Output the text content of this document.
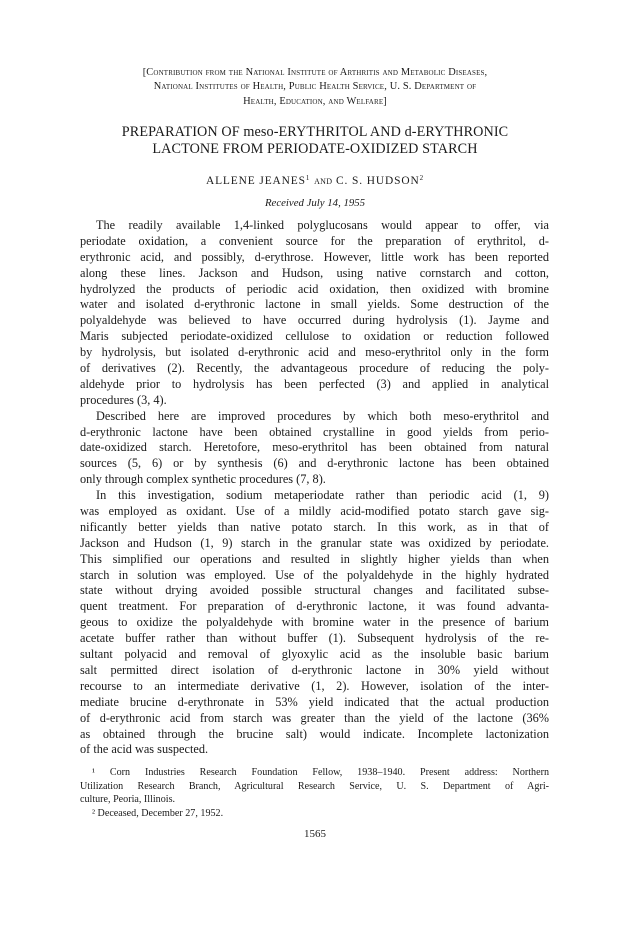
[Contribution from the National Institute of Arthritis and Metabolic Diseases,
National Institutes of Health, Public Health Service, U. S. Department of
Health, Education, and Welfare]
PREPARATION OF meso-ERYTHRITOL AND d-ERYTHRONIC
LACTONE FROM PERIODATE-OXIDIZED STARCH
ALLENE JEANES$^1$ and C. S. HUDSON$^2$
Received July 14, 1955
The readily available 1,4-linked polyglucosans would appear to offer, via
periodate oxidation, a convenient source for the preparation of erythritol, d-
erythronic acid, and possibly, d-erythrose. However, little work has been reported
along these lines. Jackson and Hudson, using native cornstarch and cotton,
hydrolyzed the products of periodic acid oxidation, then oxidized with bromine
water and isolated d-erythronic lactone in small yields. Some destruction of the
polyaldehyde was believed to have occurred during hydrolysis (1). Jayme and
Maris subjected periodate-oxidized cellulose to oxidation or reduction followed
by hydrolysis, but isolated d-erythronic acid and meso-erythritol only in the form
of derivatives (2). Recently, the advantageous procedure of reducing the poly-
aldehyde prior to hydrolysis has been perfected (3) and applied in analytical
procedures (3, 4).
Described here are improved procedures by which both meso-erythritol and
d-erythronic lactone have been obtained crystalline in good yields from perio-
date-oxidized starch. Heretofore, meso-erythritol has been obtained from natural
sources (5, 6) or by synthesis (6) and d-erythronic lactone has been obtained
only through complex synthetic procedures (7, 8).
In this investigation, sodium metaperiodate rather than periodic acid (1, 9)
was employed as oxidant. Use of a mildly acid-modified potato starch gave sig-
nificantly better yields than native potato starch. In this work, as in that of
Jackson and Hudson (1, 9) starch in the granular state was oxidized by periodate.
This simplified our operations and resulted in slightly higher yields than when
starch in solution was employed. Use of the polyaldehyde in the highly hydrated
state without drying avoided possible structural changes and facilitated subse-
quent treatment. For preparation of d-erythronic lactone, it was found advanta-
geous to oxidize the polyaldehyde with bromine water in the presence of barium
acetate buffer rather than without buffer (1). Subsequent hydrolysis of the re-
sultant polyacid and removal of glyoxylic acid as the insoluble basic barium
salt permitted direct isolation of d-erythronic lactone in 30% yield without
recourse to an intermediate derivative (1, 2). However, isolation of the inter-
mediate brucine d-erythronate in 53% yield indicated that the actual production
of d-erythronic acid from starch was greater than the yield of the lactone (36%
as obtained through the brucine salt) would indicate. Incomplete lactonization
of the acid was suspected.
¹ Corn Industries Research Foundation Fellow, 1938–1940. Present address: Northern
Utilization Research Branch, Agricultural Research Service, U. S. Department of Agri-
culture, Peoria, Illinois.
² Deceased, December 27, 1952.
1565
